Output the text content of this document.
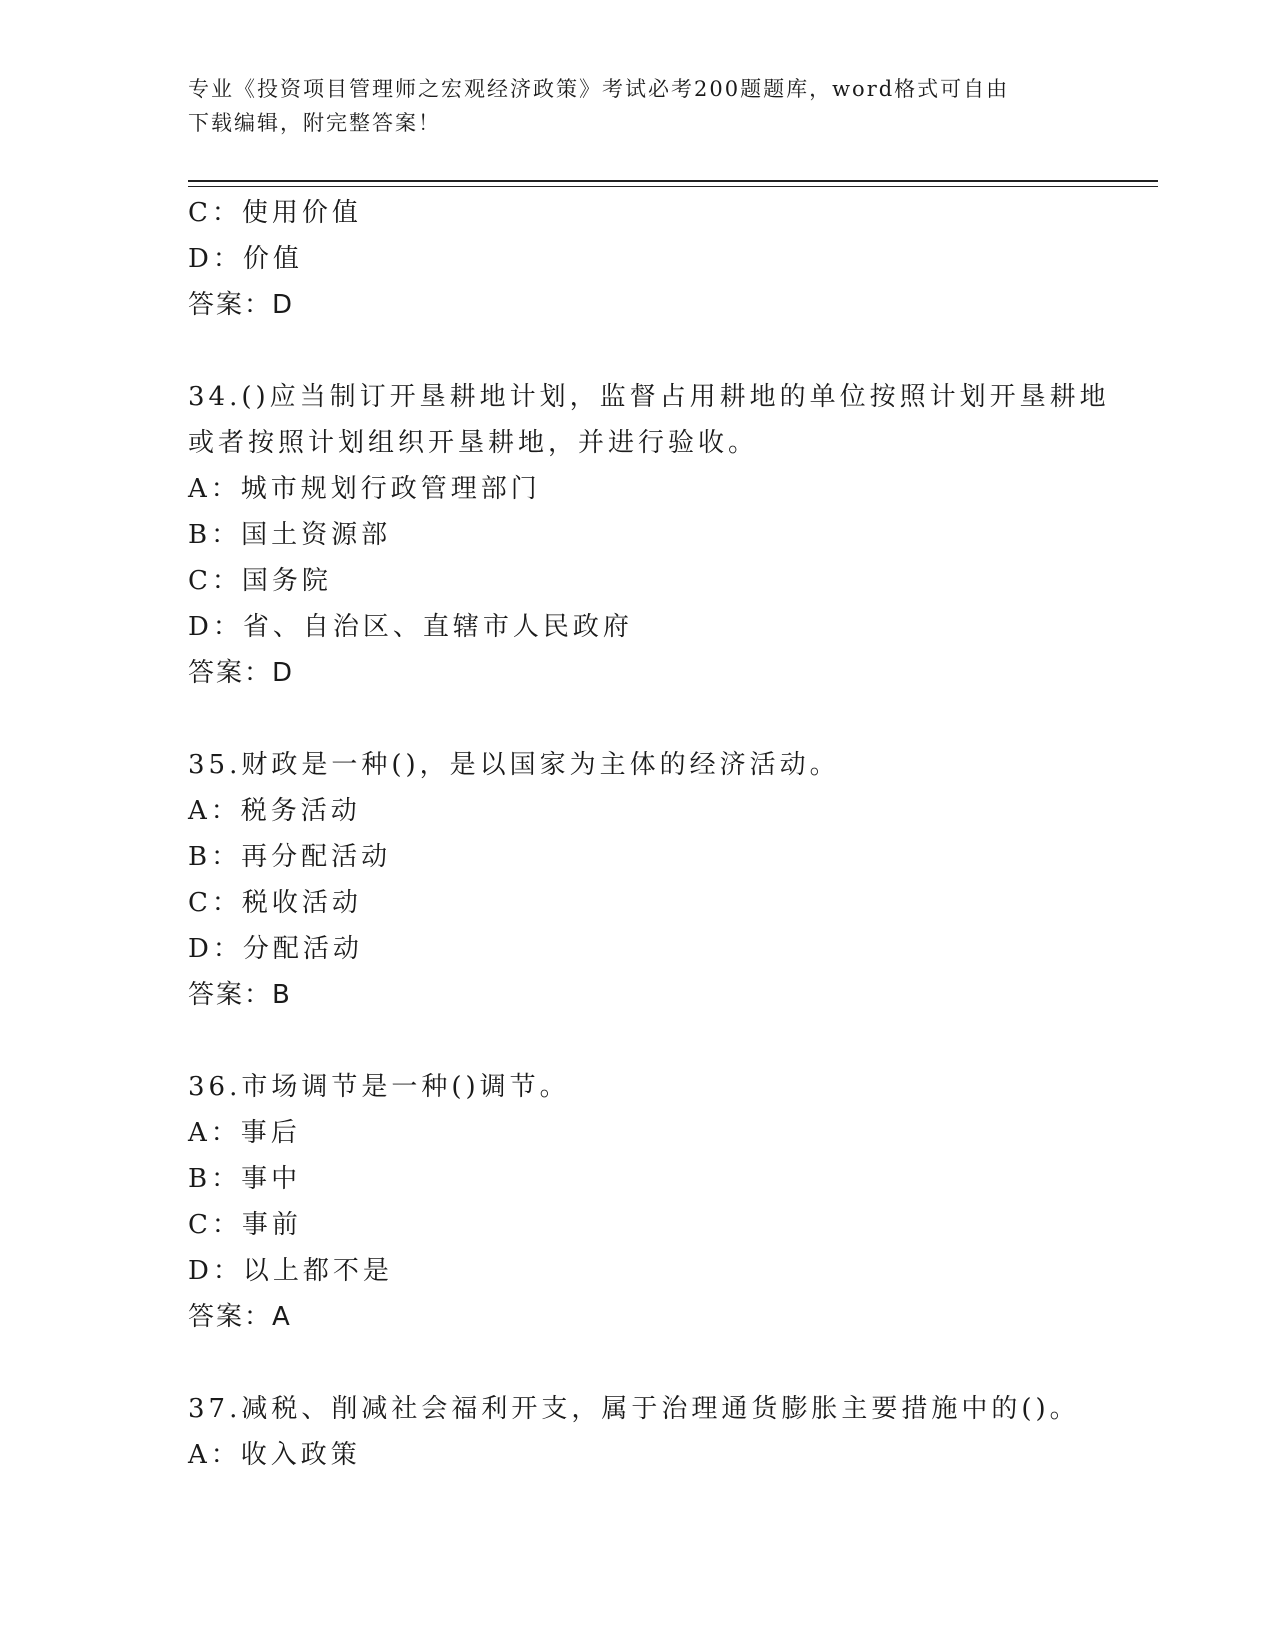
专业《投资项目管理师之宏观经济政策》考试必考200题题库，word格式可自由
下载编辑，附完整答案！
C：使用价值
D：价值
答案：D
34.()应当制订开垦耕地计划，监督占用耕地的单位按照计划开垦耕地
或者按照计划组织开垦耕地，并进行验收。
A：城市规划行政管理部门
B：国土资源部
C：国务院
D：省、自治区、直辖市人民政府
答案：D
35.财政是一种()，是以国家为主体的经济活动。
A：税务活动
B：再分配活动
C：税收活动
D：分配活动
答案：B
36.市场调节是一种()调节。
A：事后
B：事中
C：事前
D：以上都不是
答案：A
37.减税、削减社会福利开支，属于治理通货膨胀主要措施中的()。
A：收入政策
